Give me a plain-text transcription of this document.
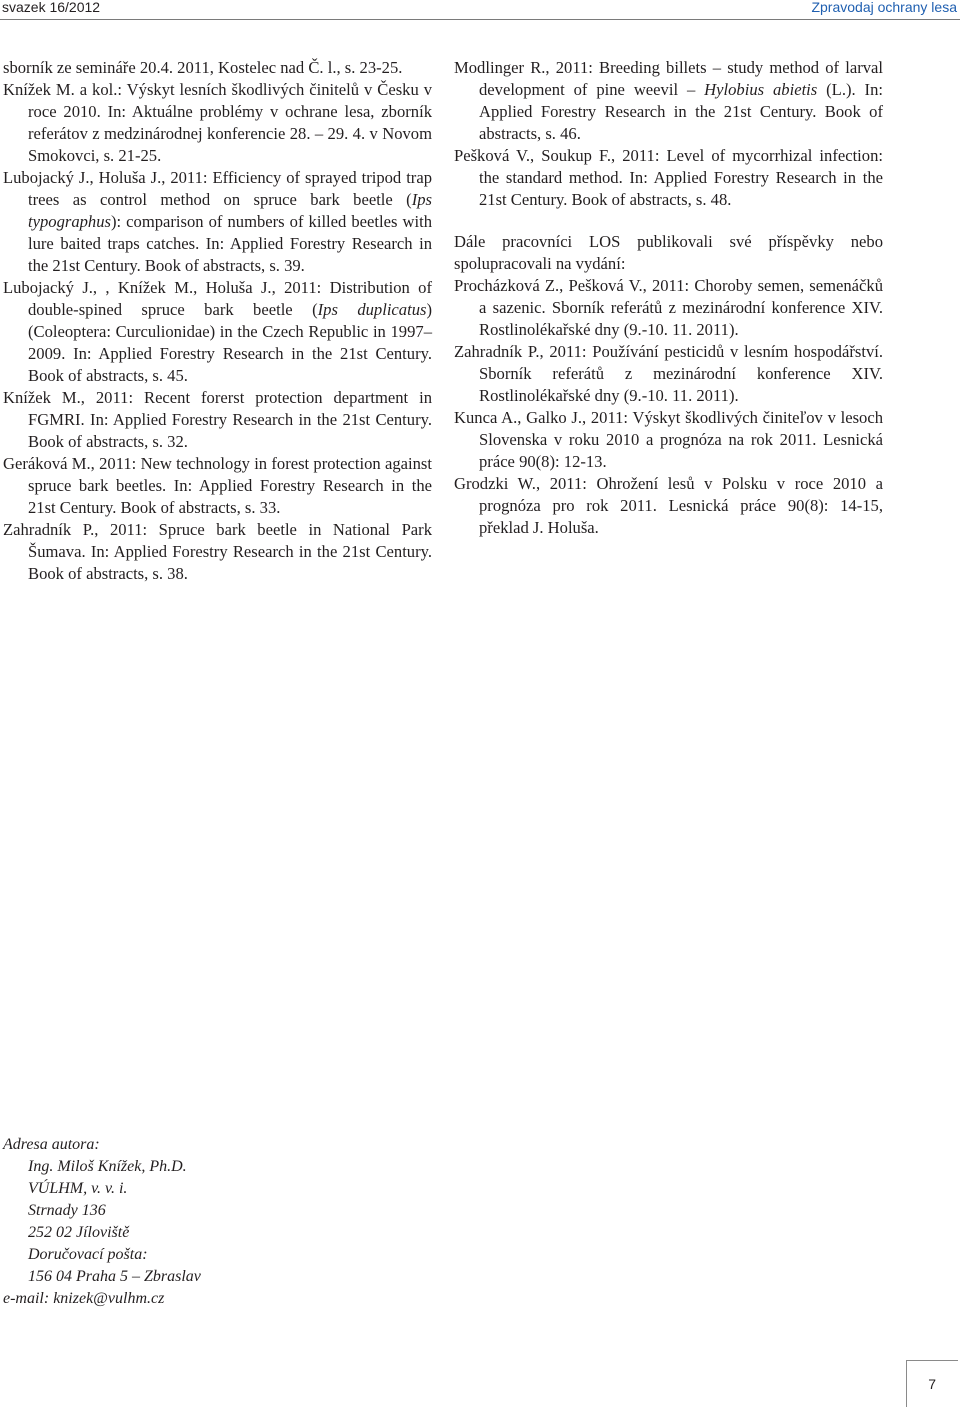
svazek 16/2012	Zpravodaj ochrany lesa

sborník ze semináře 20.4. 2011, Kostelec nad Č. l., s. 23-25.

Knížek M. a kol.: Výskyt lesních škodlivých činitelů v Česku v roce 2010. In: Aktuálne problémy v ochrane lesa, zborník referátov z medzinárodnej konferencie 28. – 29. 4. v Novom Smokovci, s. 21-25.

Lubojacký J., Holuša J., 2011: Efficiency of sprayed tripod trap trees as control method on spruce bark beetle (Ips typographus): comparison of numbers of killed beetles with lure baited traps catches. In: Applied Forestry Research in the 21st Century. Book of abstracts, s. 39.

Lubojacký J., , Knížek M., Holuša J., 2011: Distribution of double-spined spruce bark beetle (Ips duplicatus) (Coleoptera: Curculionidae) in the Czech Republic in 1997–2009. In: Applied Forestry Research in the 21st Century. Book of abstracts, s. 45.

Knížek M., 2011: Recent forerst protection department in FGMRI. In: Applied Forestry Research in the 21st Century. Book of abstracts, s. 32.

Geráková M., 2011: New technology in forest protection against spruce bark beetles. In: Applied Forestry Research in the 21st Century. Book of abstracts, s. 33.

Zahradník P., 2011: Spruce bark beetle in National Park Šumava. In: Applied Forestry Research in the 21st Century. Book of abstracts, s. 38.

Modlinger R., 2011: Breeding billets – study method of larval development of pine weevil – Hylobius abietis (L.). In: Applied Forestry Research in the 21st Century. Book of abstracts, s. 46.

Pešková V., Soukup F., 2011: Level of mycorrhizal infection: the standard method. In: Applied Forestry Research in the 21st Century. Book of abstracts, s. 48.

Dále pracovníci LOS publikovali své příspěvky nebo spolupracovali na vydání:

Procházková Z., Pešková V., 2011: Choroby semen, semenáčků a sazenic. Sborník referátů z mezinárodní konference XIV. Rostlinolékařské dny (9.-10. 11. 2011).

Zahradník P., 2011: Používání pesticidů v lesním hospodářství. Sborník referátů z mezinárodní konference XIV. Rostlinolékařské dny (9.-10. 11. 2011).

Kunca A., Galko J., 2011: Výskyt škodlivých činiteľov v lesoch Slovenska v roku 2010 a prognóza na rok 2011. Lesnická práce 90(8): 12-13.

Grodzki W., 2011: Ohrožení lesů v Polsku v roce 2010 a prognóza pro rok 2011. Lesnická práce 90(8): 14-15, překlad J. Holuša.

Adresa autora:
Ing. Miloš Knížek, Ph.D.
VÚLHM, v. v. i.
Strnady 136
252 02 Jíloviště
Doručovací pošta:
156 04 Praha 5 – Zbraslav
e-mail: knizek@vulhm.cz
7
